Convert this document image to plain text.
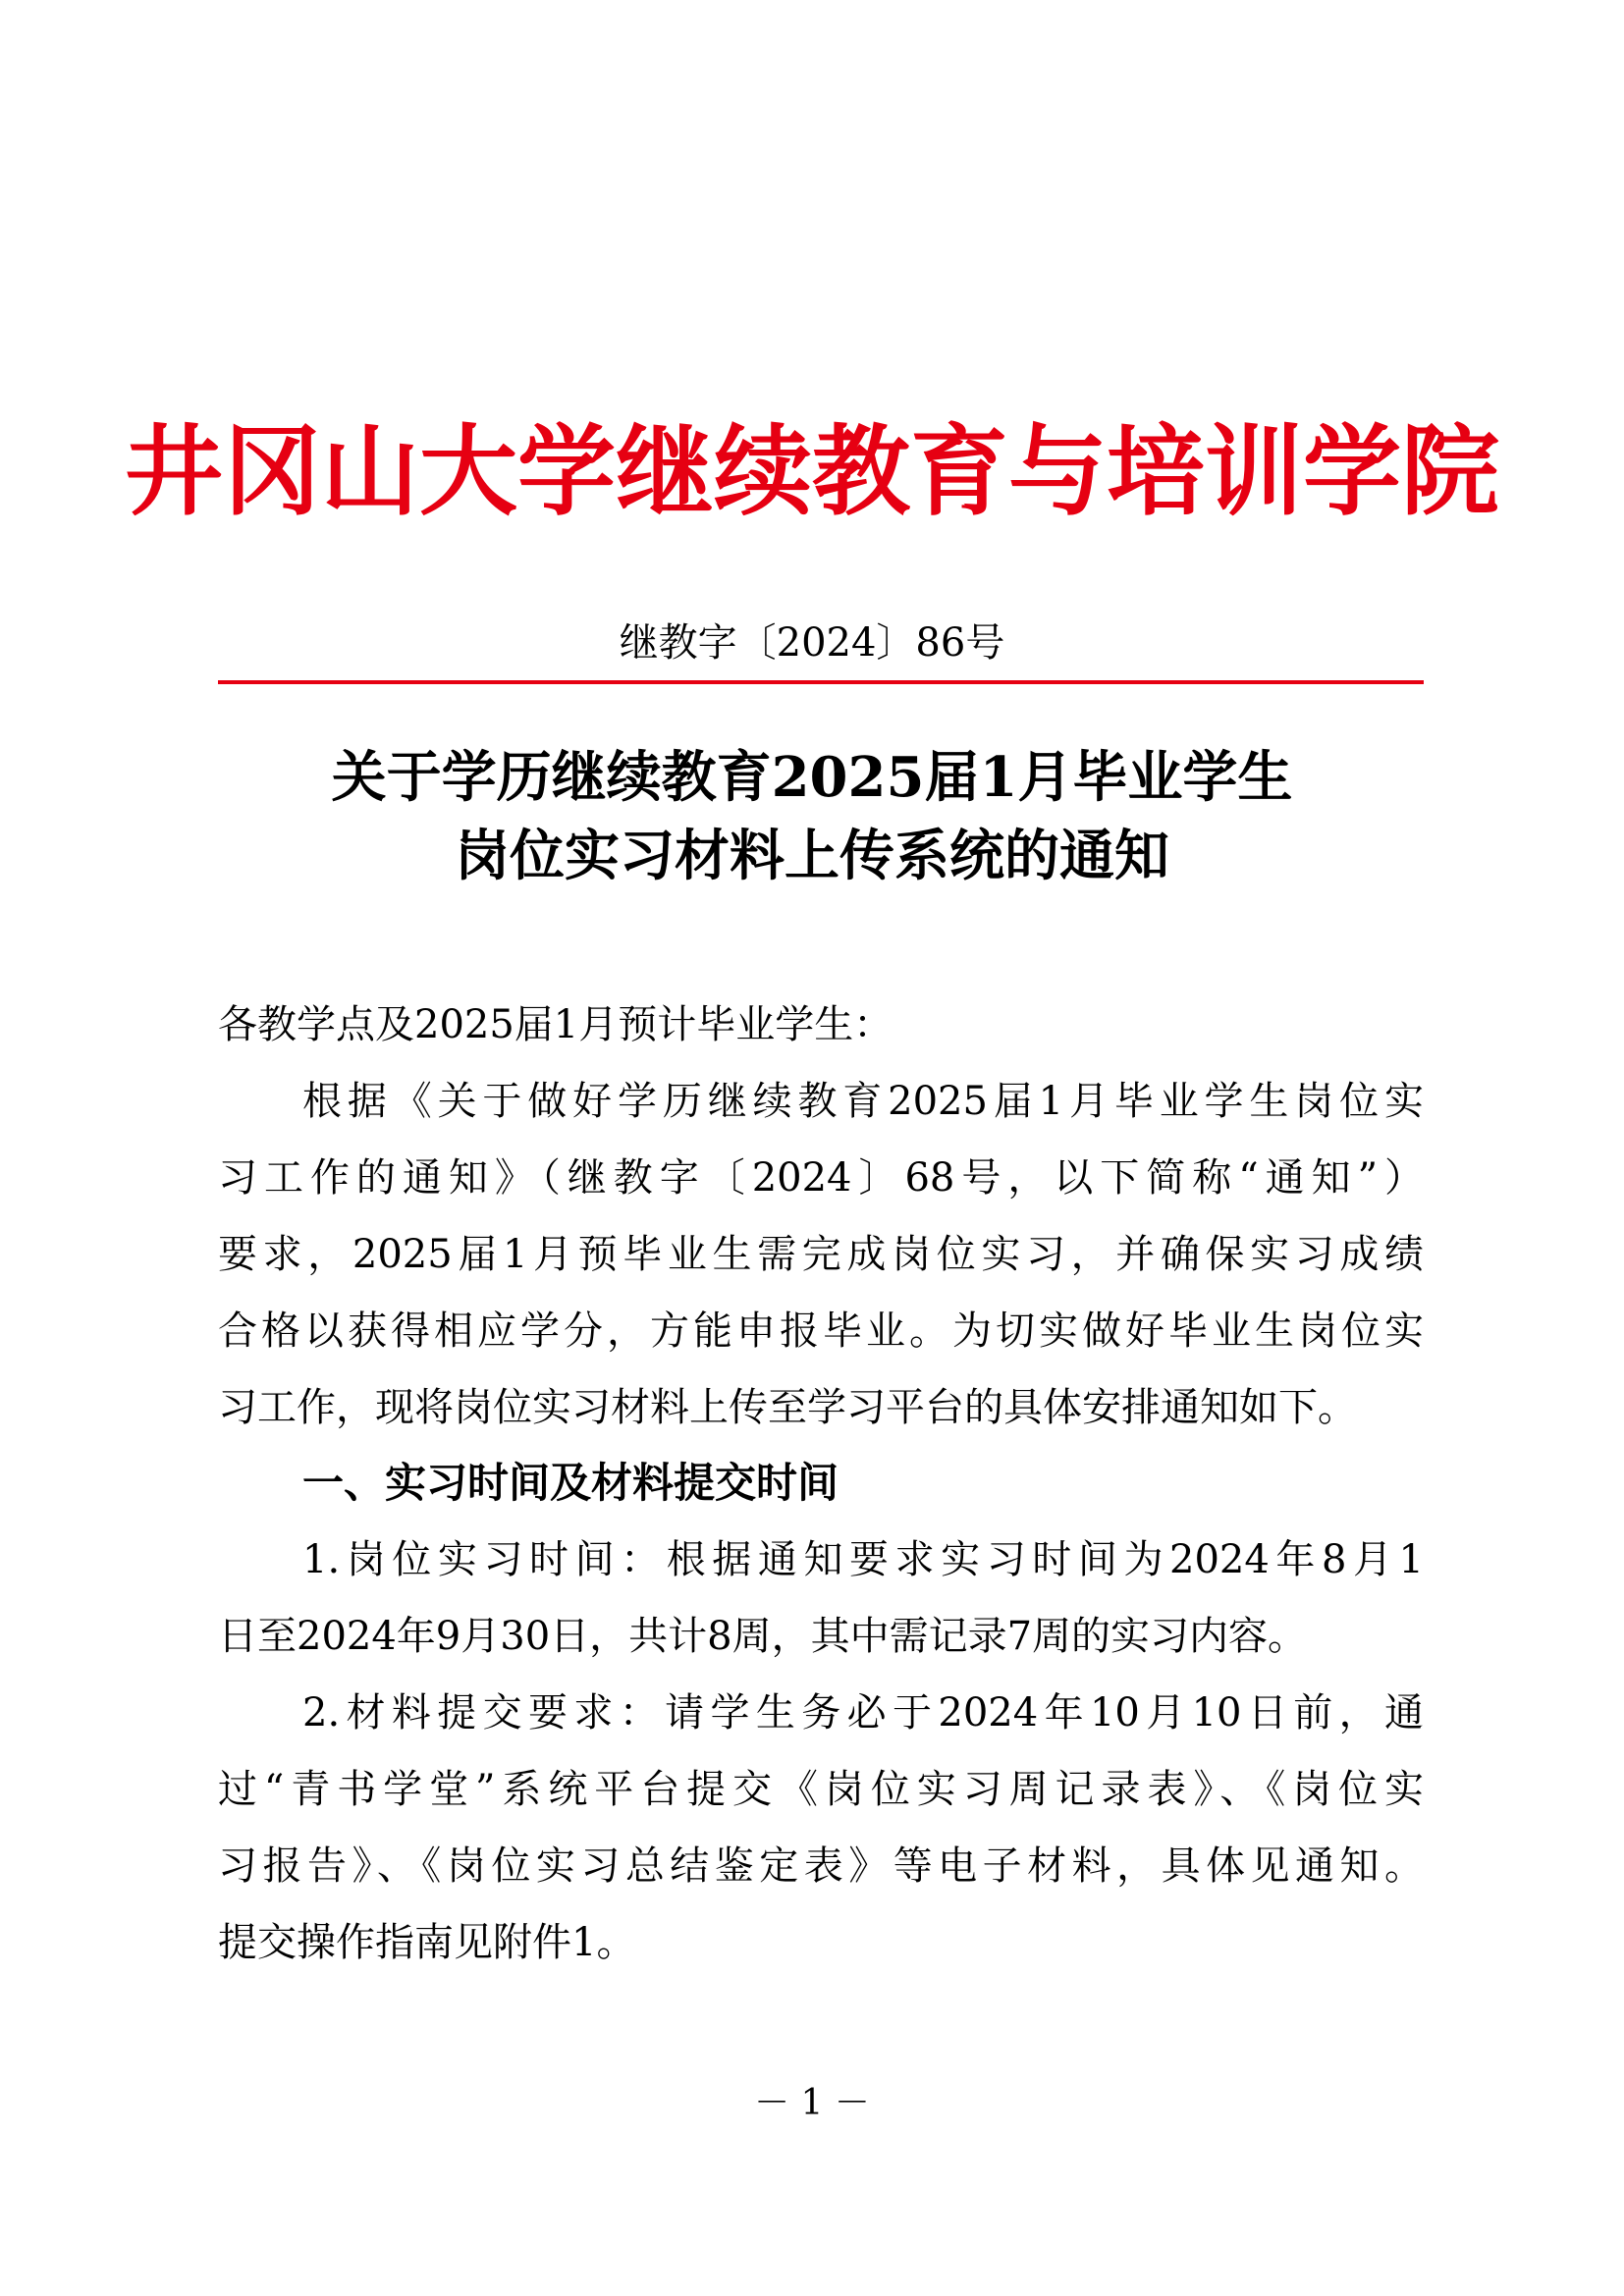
井冈山大学继续教育与培训学院
继教字〔2024〕86号
关于学历继续教育2025届1月毕业学生
岗位实习材料上传系统的通知
各教学点及2025届1月预计毕业学生：
根据《关于做好学历继续教育2025届1月毕业学生岗位实
习工作的通知》（继教字〔2024〕68号，以下简称“通知”）
要求，2025届1月预毕业生需完成岗位实习，并确保实习成绩
合格以获得相应学分，方能申报毕业。为切实做好毕业生岗位实
习工作，现将岗位实习材料上传至学习平台的具体安排通知如下。
一、实习时间及材料提交时间
1.岗位实习时间：根据通知要求实习时间为2024年8月1
日至2024年9月30日，共计8周，其中需记录7周的实习内容。
2.材料提交要求：请学生务必于2024年10月10日前，通
过“青书学堂”系统平台提交《岗位实习周记录表》、《岗位实
习报告》、《岗位实习总结鉴定表》等电子材料，具体见通知。
提交操作指南见附件1。
－ 1 －
